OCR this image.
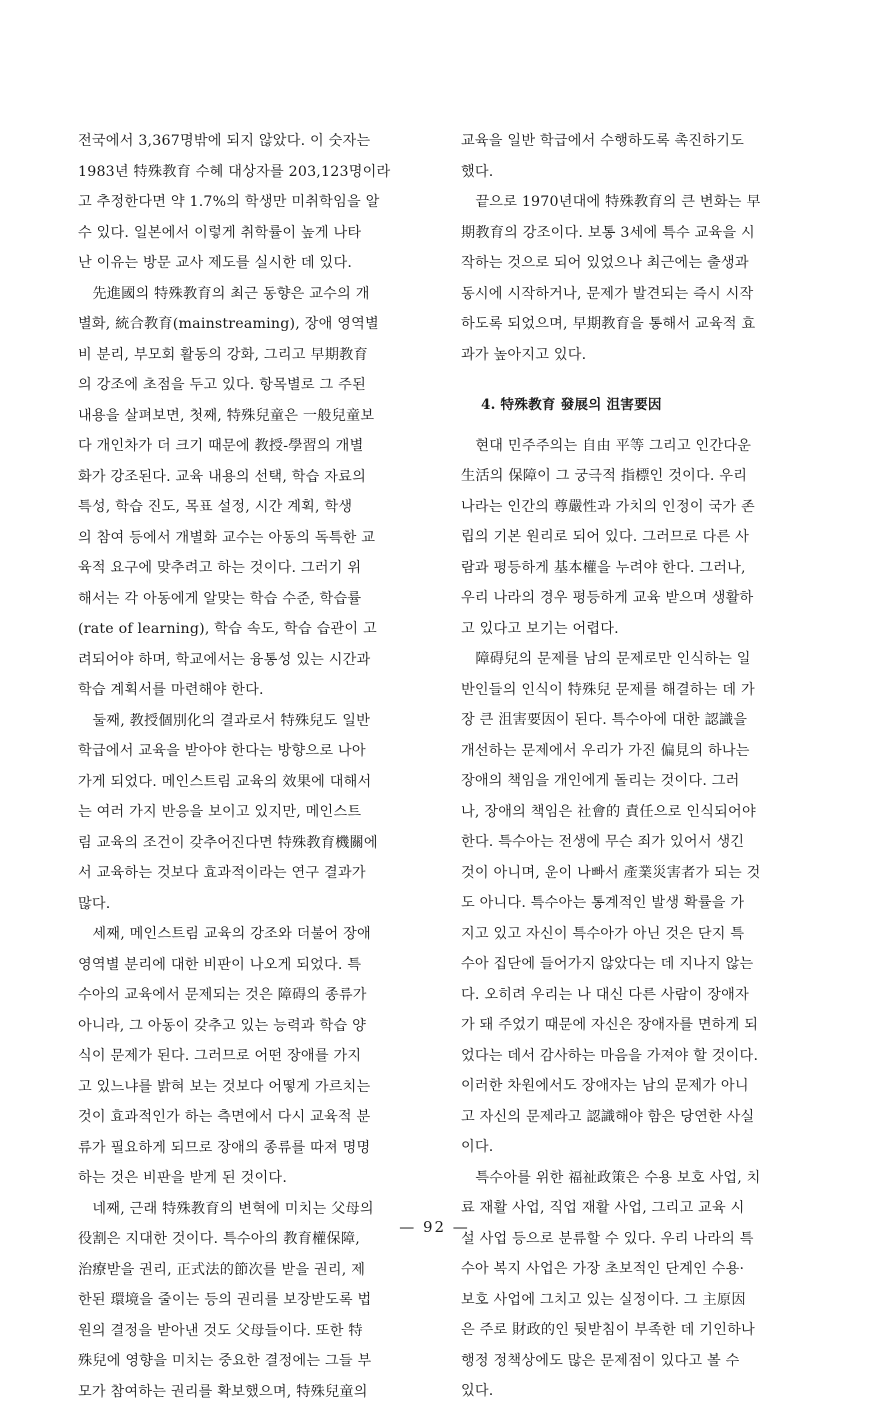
전국에서 3,367명밖에 되지 않았다. 이 숫자는
1983년 特殊教育 수혜 대상자를 203,123명이라
고 추정한다면 약 1.7%의 학생만 미취학임을 알
수 있다. 일본에서 이렇게 취학률이 높게 나타
난 이유는 방문 교사 제도를 실시한 데 있다.
　先進國의 特殊教育의 최근 동향은 교수의 개
별화, 統合教育(mainstreaming), 장애 영역별
비 분리, 부모회 활동의 강화, 그리고 早期教育
의 강조에 초점을 두고 있다. 항목별로 그 주된
내용을 살펴보면, 첫째, 特殊兒童은 一般兒童보
다 개인차가 더 크기 때문에 教授-學習의 개별
화가 강조된다. 교육 내용의 선택, 학습 자료의
특성, 학습 진도, 목표 설정, 시간 계획, 학생
의 참여 등에서 개별화 교수는 아동의 독특한 교
육적 요구에 맞추려고 하는 것이다. 그러기 위
해서는 각 아동에게 알맞는 학습 수준, 학습률
(rate of learning), 학습 속도, 학습 습관이 고
려되어야 하며, 학교에서는 융통성 있는 시간과
학습 계획서를 마련해야 한다.
　둘째, 教授個別化의 결과로서 特殊兒도 일반
학급에서 교육을 받아야 한다는 방향으로 나아
가게 되었다. 메인스트림 교육의 效果에 대해서
는 여러 가지 반응을 보이고 있지만, 메인스트
림 교육의 조건이 갖추어진다면 特殊教育機關에
서 교육하는 것보다 효과적이라는 연구 결과가
많다.
　세째, 메인스트림 교육의 강조와 더불어 장애
영역별 분리에 대한 비판이 나오게 되었다. 특
수아의 교육에서 문제되는 것은 障碍의 종류가
아니라, 그 아동이 갖추고 있는 능력과 학습 양
식이 문제가 된다. 그러므로 어떤 장애를 가지
고 있느냐를 밝혀 보는 것보다 어떻게 가르치는
것이 효과적인가 하는 측면에서 다시 교육적 분
류가 필요하게 되므로 장애의 종류를 따져 명명
하는 것은 비판을 받게 된 것이다.
　네째, 근래 特殊教育의 변혁에 미치는 父母의
役割은 지대한 것이다. 특수아의 教育權保障,
治療받을 권리, 正式法的節次를 받을 권리, 제
한된 環境을 줄이는 등의 권리를 보장받도록 법
원의 결정을 받아낸 것도 父母들이다. 또한 特
殊兒에 영향을 미치는 중요한 결정에는 그들 부
모가 참여하는 권리를 확보했으며, 特殊兒童의
교육을 일반 학급에서 수행하도록 촉진하기도
했다.
　끝으로 1970년대에 特殊教育의 큰 변화는 早
期教育의 강조이다. 보통 3세에 특수 교육을 시
작하는 것으로 되어 있었으나 최근에는 출생과
동시에 시작하거나, 문제가 발견되는 즉시 시작
하도록 되었으며, 早期教育을 통해서 교육적 효
과가 높아지고 있다.
4. 特殊教育 發展의 沮害要因
　현대 민주주의는 自由 平等 그리고 인간다운
生活의 保障이 그 궁극적 指標인 것이다. 우리
나라는 인간의 尊嚴性과 가치의 인정이 국가 존
립의 기본 원리로 되어 있다. 그러므로 다른 사
람과 평등하게 基本權을 누려야 한다. 그러나,
우리 나라의 경우 평등하게 교육 받으며 생활하
고 있다고 보기는 어렵다.
　障碍兒의 문제를 남의 문제로만 인식하는 일
반인들의 인식이 特殊兒 문제를 해결하는 데 가
장 큰 沮害要因이 된다. 특수아에 대한 認識을
개선하는 문제에서 우리가 가진 偏見의 하나는
장애의 책임을 개인에게 돌리는 것이다. 그러
나, 장애의 책임은 社會的 責任으로 인식되어야
한다. 특수아는 전생에 무슨 죄가 있어서 생긴
것이 아니며, 운이 나빠서 產業災害者가 되는 것
도 아니다. 특수아는 통계적인 발생 확률을 가
지고 있고 자신이 특수아가 아닌 것은 단지 특
수아 집단에 들어가지 않았다는 데 지나지 않는
다. 오히려 우리는 나 대신 다른 사람이 장애자
가 돼 주었기 때문에 자신은 장애자를 면하게 되
었다는 데서 감사하는 마음을 가져야 할 것이다.
이러한 차원에서도 장애자는 남의 문제가 아니
고 자신의 문제라고 認識해야 함은 당연한 사실
이다.
　특수아를 위한 福祉政策은 수용 보호 사업, 치
료 재활 사업, 직업 재활 사업, 그리고 교육 시
설 사업 등으로 분류할 수 있다. 우리 나라의 특
수아 복지 사업은 가장 초보적인 단계인 수용·
보호 사업에 그치고 있는 실정이다. 그 主原因
은 주로 財政的인 뒷받침이 부족한 데 기인하나
행정 정책상에도 많은 문제점이 있다고 볼 수
있다.
— 92 —
